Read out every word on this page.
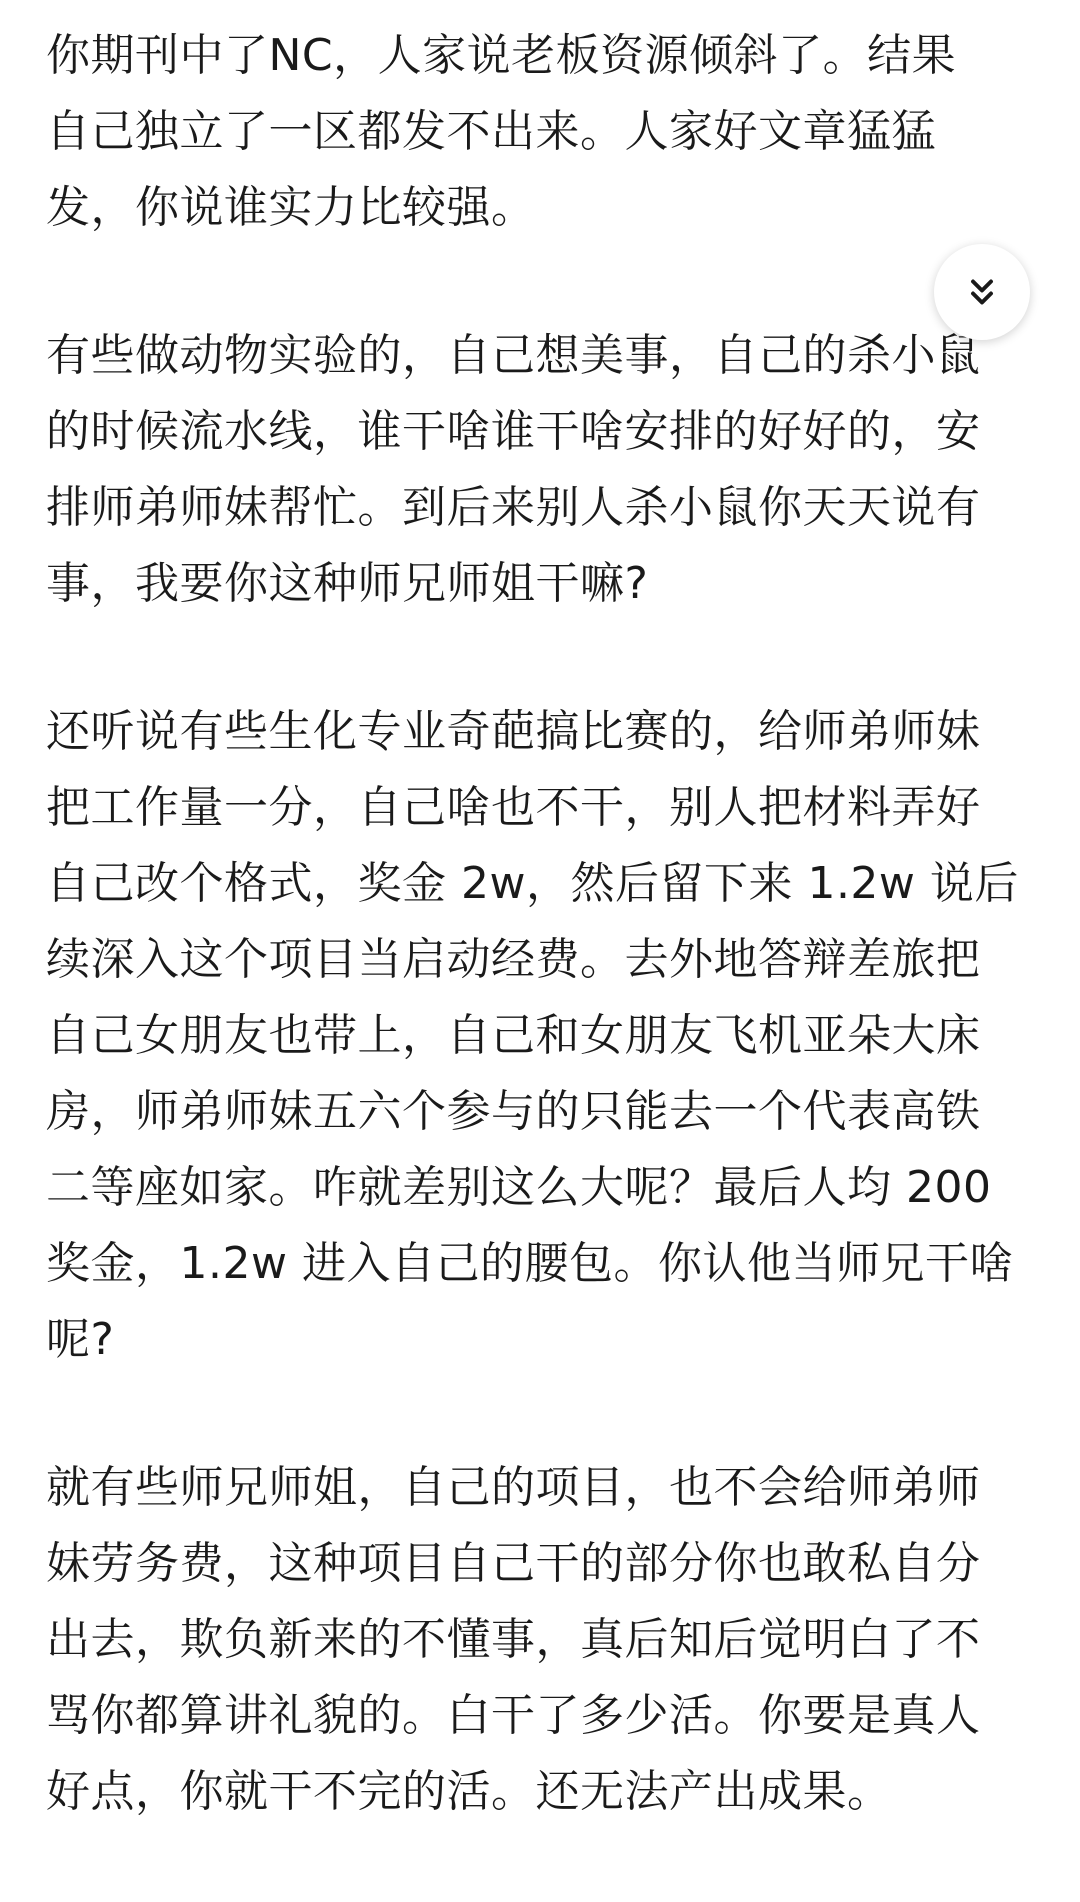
你期刊中了NC，人家说老板资源倾斜了。结果
自己独立了一区都发不出来。人家好文章猛猛
发，你说谁实力比较强。
有些做动物实验的，自己想美事，自己的杀小鼠
的时候流水线，谁干啥谁干啥安排的好好的，安
排师弟师妹帮忙。到后来别人杀小鼠你天天说有
事，我要你这种师兄师姐干嘛?
还听说有些生化专业奇葩搞比赛的，给师弟师妹
把工作量一分，自己啥也不干，别人把材料弄好
自己改个格式，奖金 2w，然后留下来 1.2w 说后
续深入这个项目当启动经费。去外地答辩差旅把
自己女朋友也带上，自己和女朋友飞机亚朵大床
房，师弟师妹五六个参与的只能去一个代表高铁
二等座如家。咋就差别这么大呢？最后人均 200
奖金，1.2w 进入自己的腰包。你认他当师兄干啥
呢?
就有些师兄师姐，自己的项目，也不会给师弟师
妹劳务费，这种项目自己干的部分你也敢私自分
出去，欺负新来的不懂事，真后知后觉明白了不
骂你都算讲礼貌的。白干了多少活。你要是真人
好点，你就干不完的活。还无法产出成果。
